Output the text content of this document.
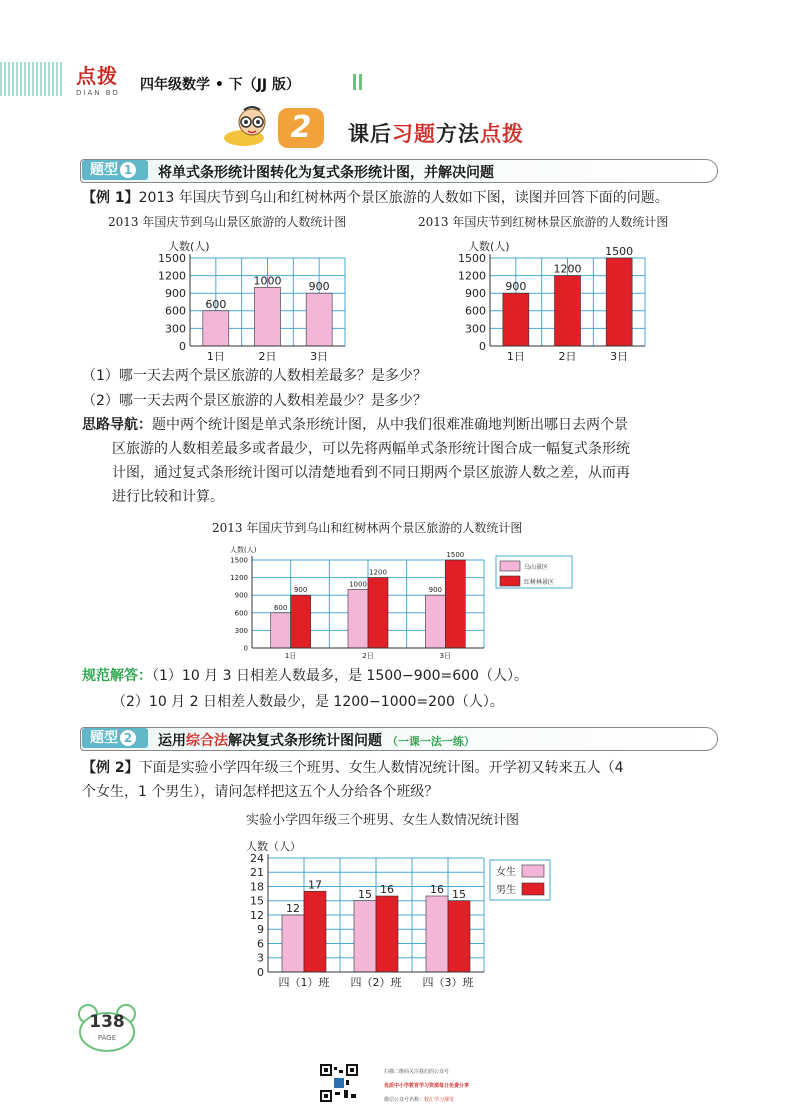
点拨
DIAN BO	四年级数学 • 下（JJ 版）
2	课后习题方法点拨
题型 1	将单式条形统计图转化为复式条形统计图，并解决问题
【例 1】2013 年国庆节到乌山和红树林两个景区旅游的人数如下图，读图并回答下面的问题。
2013 年国庆节到乌山景区旅游的人数统计图
人数(人)
0
300
600
900
1200
1500
1日
600
2日
1000
3日
900
2013 年国庆节到红树林景区旅游的人数统计图
人数(人)
0
300
600
900
1200
1500
1日
900
2日
1200
3日
1500
（1）哪一天去两个景区旅游的人数相差最多？是多少？
（2）哪一天去两个景区旅游的人数相差最少？是多少？
思路导航：题中两个统计图是单式条形统计图，从中我们很难准确地判断出哪日去两个景
区旅游的人数相差最多或者最少，可以先将两幅单式条形统计图合成一幅复式条形统
计图，通过复式条形统计图可以清楚地看到不同日期两个景区旅游人数之差，从而再
进行比较和计算。
2013 年国庆节到乌山和红树林两个景区旅游的人数统计图
人数(人)
0
300
600
900
1200
1500
1日
600
900
2日
1000
1200
3日
900
1500
乌山景区
红树林景区
规范解答：（1）10 月 3 日相差人数最多，是 1500−900=600（人）。
（2）10 月 2 日相差人数最少，是 1200−1000=200（人）。
题型 2	运用综合法解决复式条形统计图问题 （一课一法一练）
【例 2】下面是实验小学四年级三个班男、女生人数情况统计图。开学初又转来五人（4
个女生，1 个男生），请问怎样把这五个人分给各个班级？
实验小学四年级三个班男、女生人数情况统计图
人数（人）
0
3
6
9
12
15
18
21
24
四（1）班
12
17
四（2）班
15 16
四（3）班
16 15
女生
男生
138
PAGE
扫描二维码关注我们的公众号
优质中小学教育学习资源每日免费分享
微信公众号名称：校汇学习课堂
